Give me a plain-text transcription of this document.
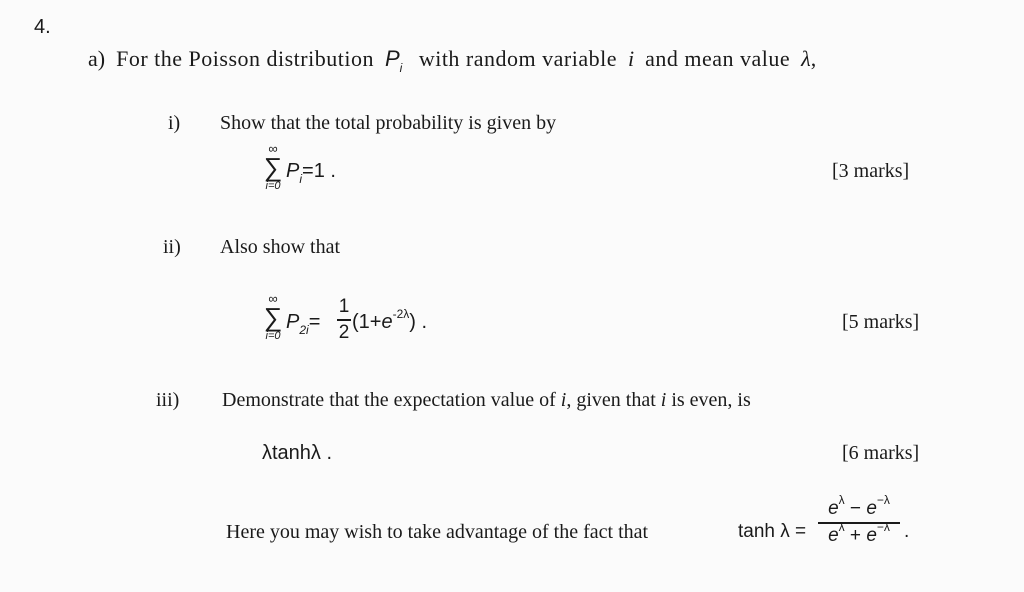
4.
a) For the Poisson distribution $P_i$ with random variable i and mean value λ,
i) Show that the total probability is given by
∞
∑
i=0
$P_i=1$ .	[3 marks]
ii) Also show that
∞
∑
i=0
$P_{2i}=$
1
2 $(1+e^{-2\lambda})$ .	[5 marks]
iii) Demonstrate that the expectation value of i, given that i is even, is
λtanhλ .	[6 marks]
Here you may wish to take advantage of the fact that	tanh λ =
$e^\lambda - e^{-\lambda}$
$e^\lambda + e^{-\lambda}$ .
